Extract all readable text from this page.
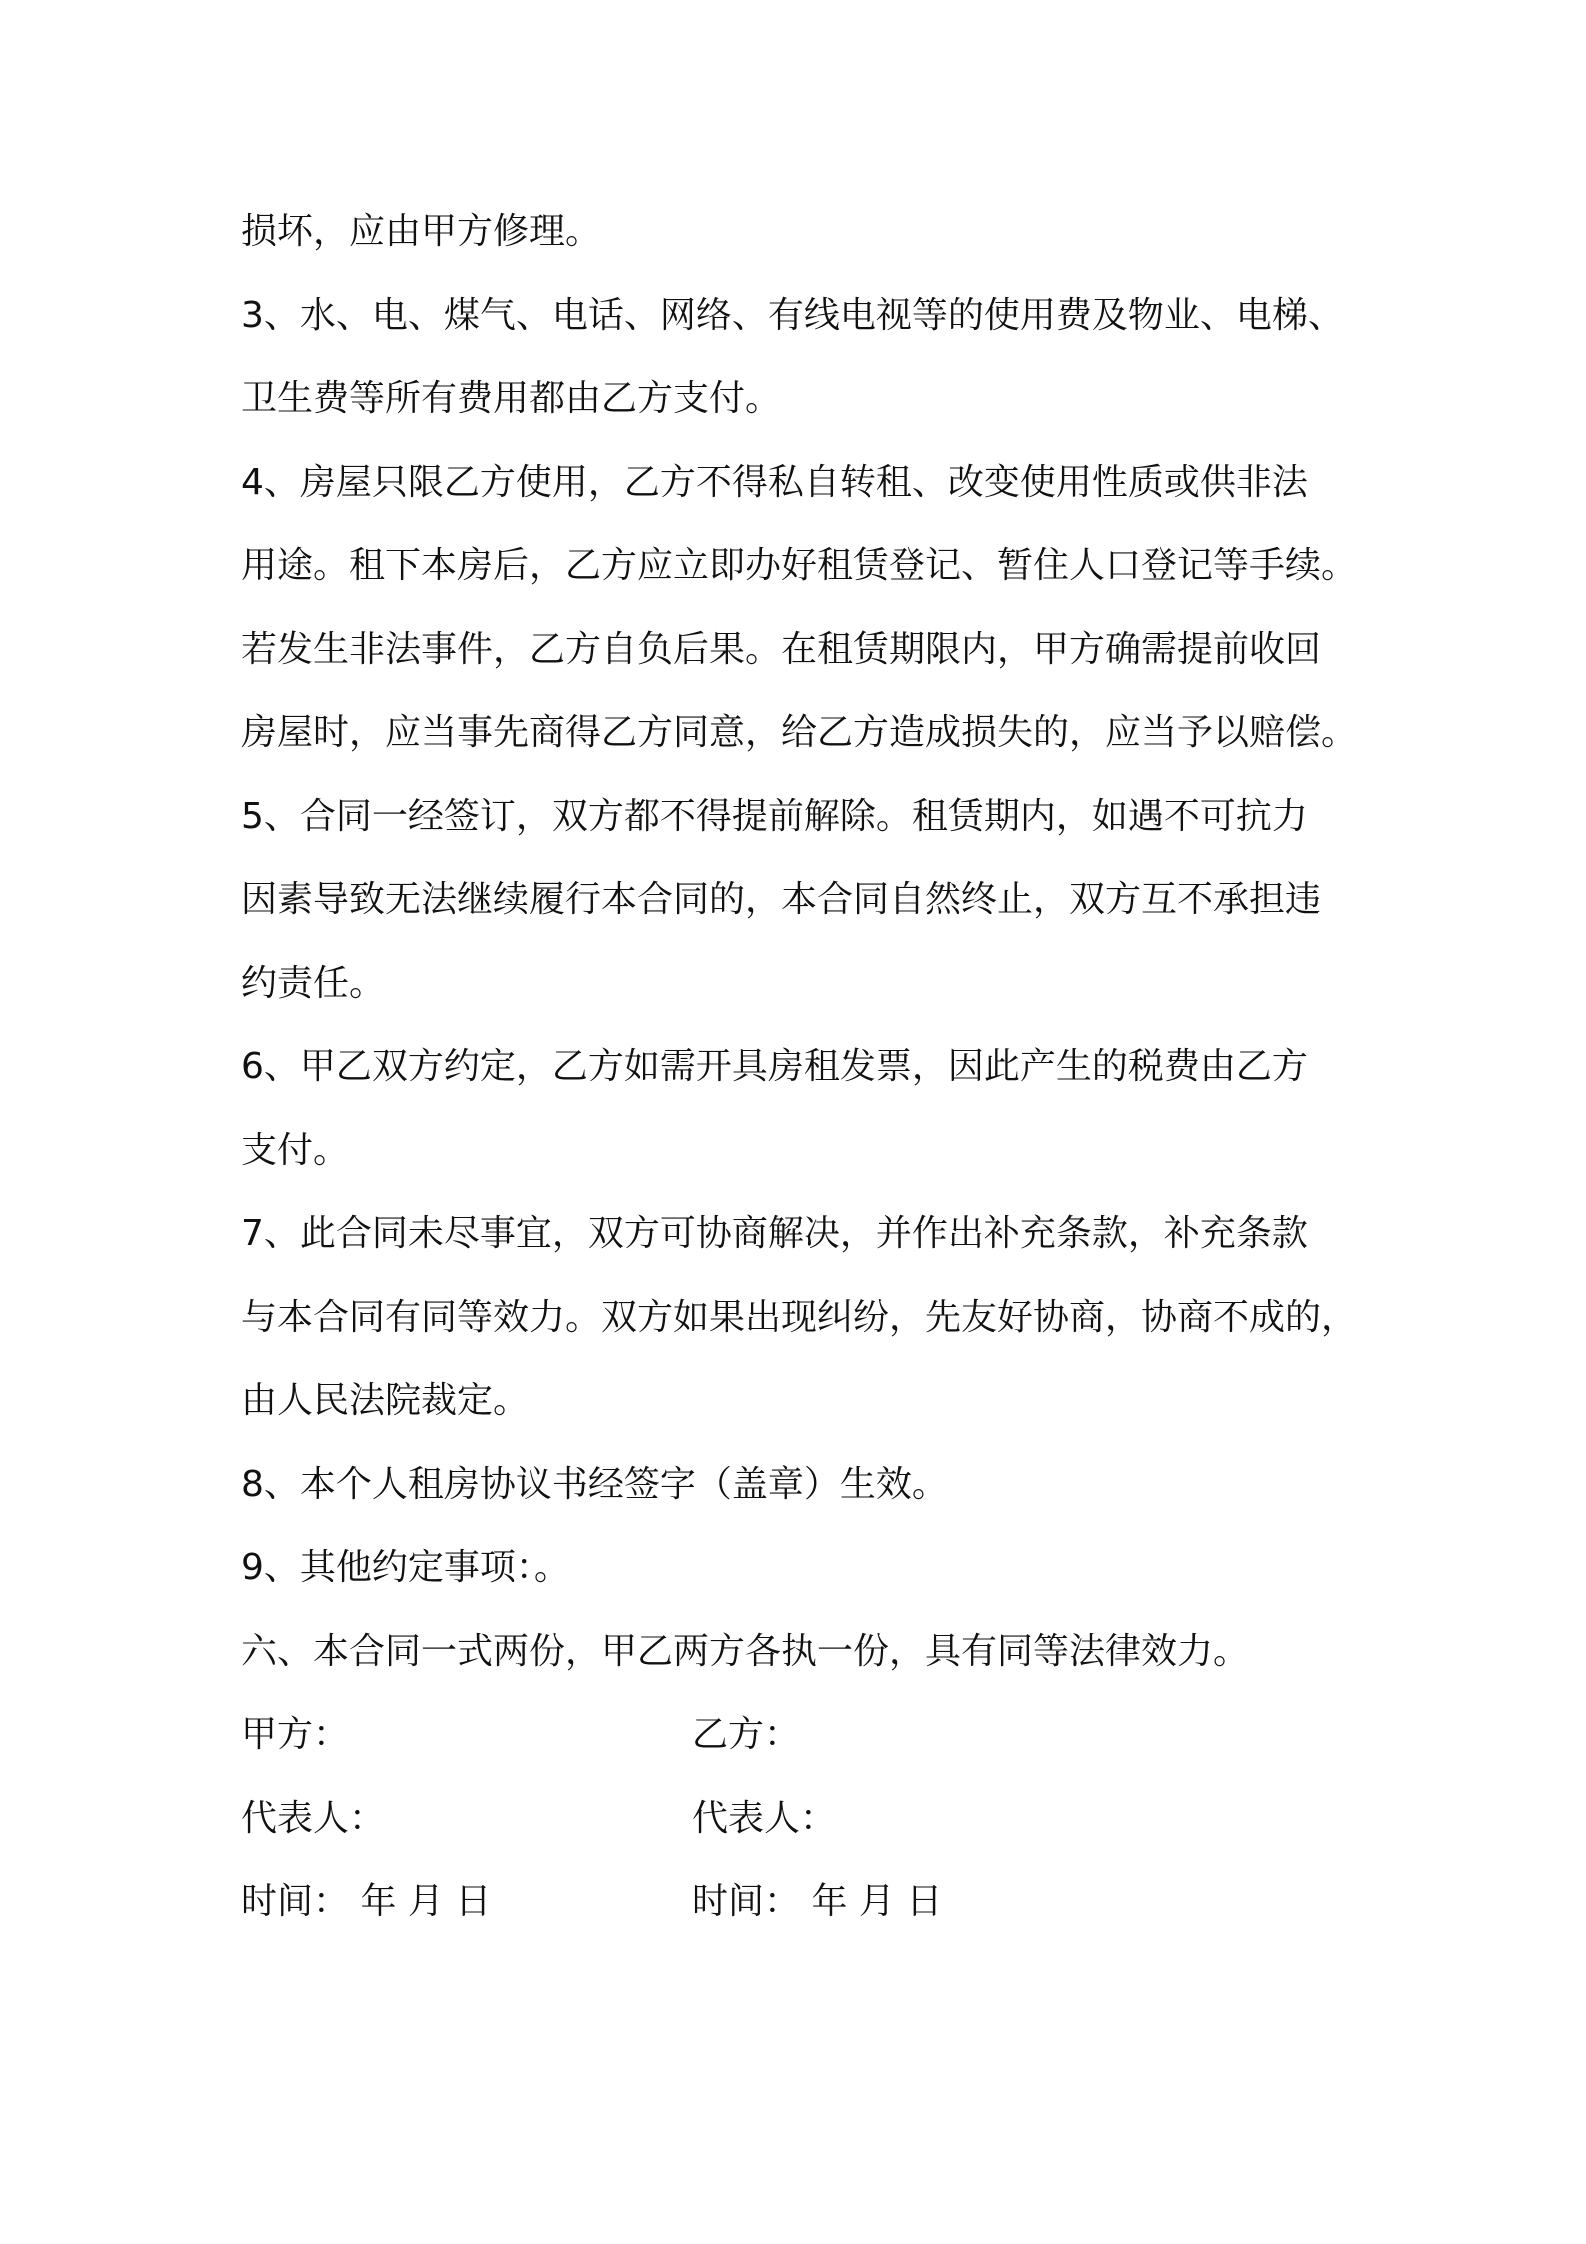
损坏，应由甲方修理。
3、水、电、煤气、电话、网络、有线电视等的使用费及物业、电梯、
卫生费等所有费用都由乙方支付。
4、房屋只限乙方使用，乙方不得私自转租、改变使用性质或供非法
用途。租下本房后，乙方应立即办好租赁登记、暂住人口登记等手续。
若发生非法事件，乙方自负后果。在租赁期限内，甲方确需提前收回
房屋时，应当事先商得乙方同意，给乙方造成损失的，应当予以赔偿。
5、合同一经签订，双方都不得提前解除。租赁期内，如遇不可抗力
因素导致无法继续履行本合同的，本合同自然终止，双方互不承担违
约责任。
6、甲乙双方约定，乙方如需开具房租发票，因此产生的税费由乙方
支付。
7、此合同未尽事宜，双方可协商解决，并作出补充条款，补充条款
与本合同有同等效力。双方如果出现纠纷，先友好协商，协商不成的，
由人民法院裁定。
8、本个人租房协议书经签字（盖章）生效。
9、其他约定事项：。
六、本合同一式两份，甲乙两方各执一份，具有同等法律效力。
甲方：	乙方：
代表人：	代表人：
时间： 年 月 日	时间： 年 月 日
